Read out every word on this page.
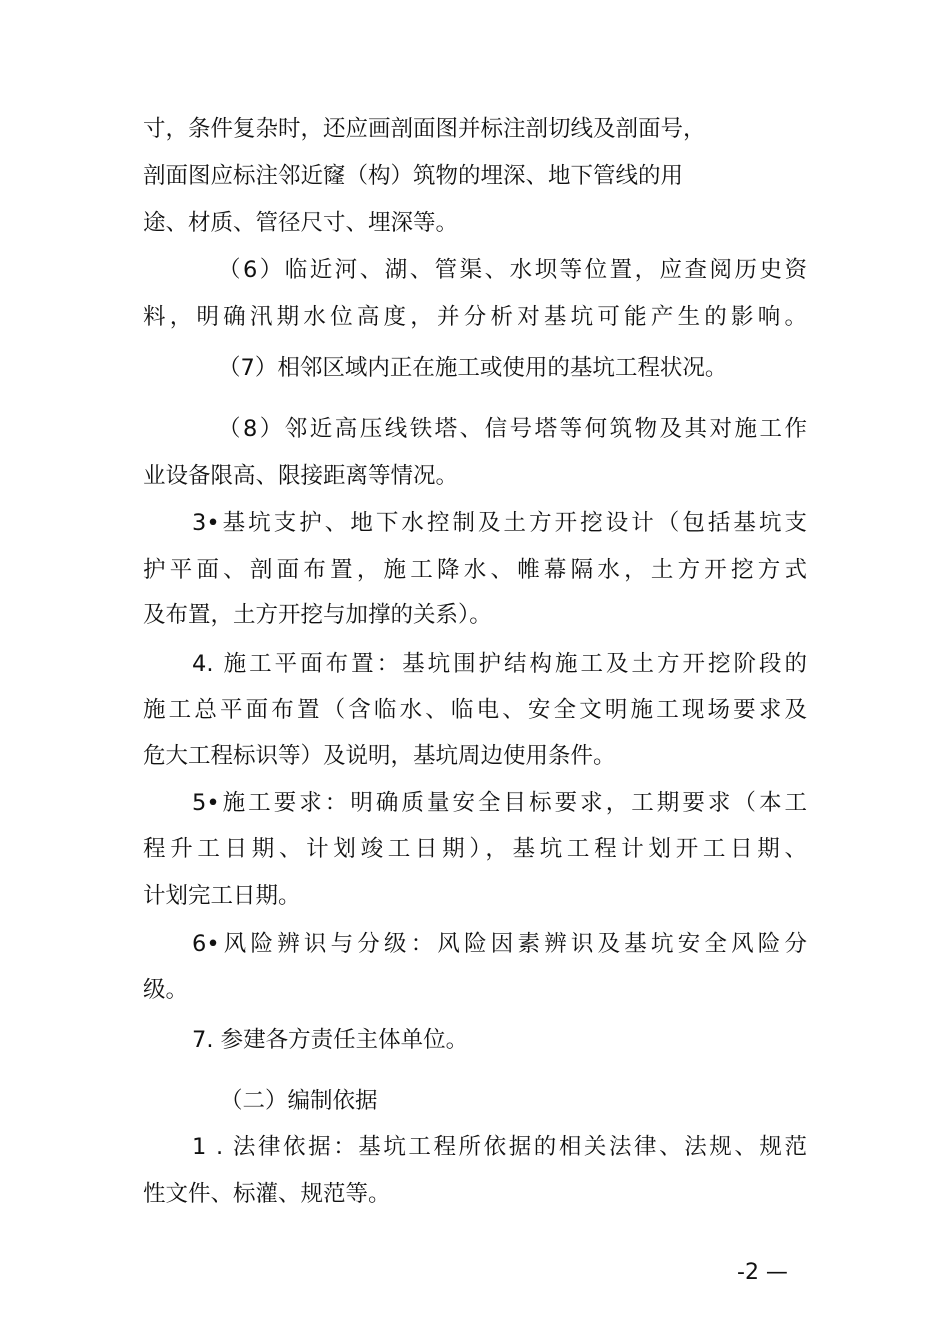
寸，条件复杂时，还应画剖面图并标注剖切线及剖面号，
剖面图应标注邻近窿（构）筑物的埋深、地下管线的用
途、材质、管径尺寸、埋深等。
（6）临近河、湖、管渠、水坝等位置，应查阅历史资
料，明确汛期水位高度，并分析对基坑可能产生的影响。
（7）相邻区域内正在施工或使用的基坑工程状况。
（8）邻近高压线铁塔、信号塔等何筑物及其对施工作
业设备限高、限接距离等情况。
3•基坑支护、地下水控制及土方开挖设计（包括基坑支
护平面、剖面布置，施工降水、帷幕隔水，土方开挖方式
及布置，土方开挖与加撑的关系）。
4. 施工平面布置：基坑围护结构施工及土方开挖阶段的
施工总平面布置（含临水、临电、安全文明施工现场要求及
危大工程标识等）及说明，基坑周边使用条件。
5•施工要求：明确质量安全目标要求，工期要求（本工
程升工日期、计划竣工日期），基坑工程计划开工日期、
计划完工日期。
6•风险辨识与分级：风险因素辨识及基坑安全风险分
级。
7. 参建各方责任主体单位。
（二）编制依据
1 . 法律依据：基坑工程所依据的相关法律、法规、规范
性文件、标灌、规范等。
-2 —
